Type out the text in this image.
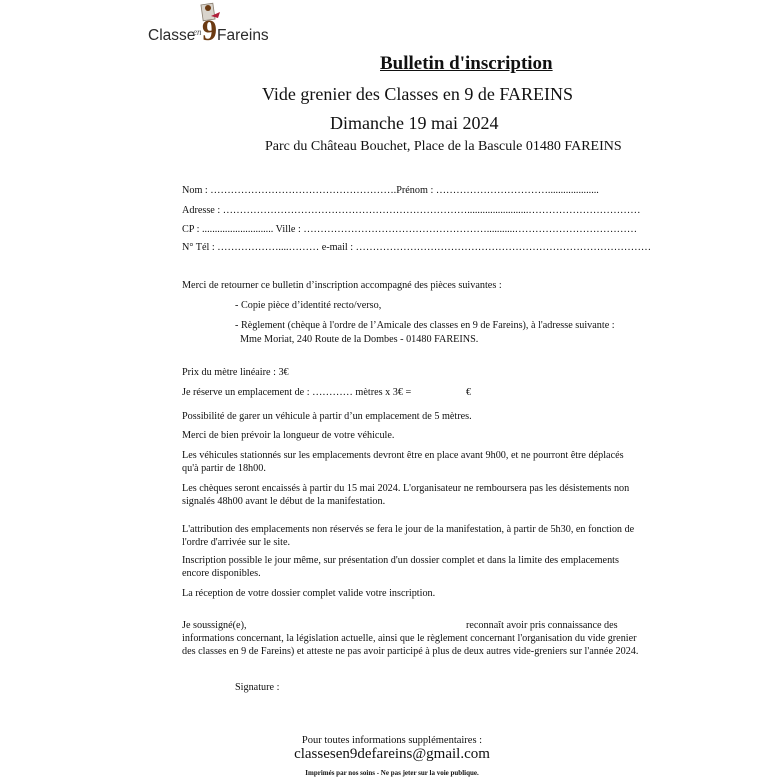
Classe
en 9 Fareins
Bulletin d'inscription
Vide grenier des Classes en 9 de FAREINS
Dimanche 19 mai 2024
Parc du Château Bouchet, Place de la Bascule 01480 FAREINS
Nom : ……………………………………………….Prénom : ……………………………....................
Adresse : ………………………………………………………………........................……………………………
CP : ............................ Ville : ………………………………………………...........………………………………
N° Tél : ………………....……… e-mail : ……………………………………………………………………………
Merci de retourner ce bulletin d’inscription accompagné des pièces suivantes :
- Copie pièce d’identité recto/verso,
- Règlement (chèque à l'ordre de l’Amicale des classes en 9 de Fareins), à l'adresse suivante :
Mme Moriat, 240 Route de la Dombes - 01480 FAREINS.
Prix du mètre linéaire : 3€
Je réserve un emplacement de : ………… mètres x 3€ =	€
Possibilité de garer un véhicule à partir d’un emplacement de 5 mètres.
Merci de bien prévoir la longueur de votre véhicule.
Les véhicules stationnés sur les emplacements devront être en place avant 9h00, et ne pourront être déplacés qu'à partir de 18h00.
Les chèques seront encaissés à partir du 15 mai 2024. L'organisateur ne remboursera pas les désistements non signalés 48h00 avant le début de la manifestation.
L'attribution des emplacements non réservés se fera le jour de la manifestation, à partir de 5h30, en fonction de l'ordre d'arrivée sur le site.
Inscription possible le jour même, sur présentation d'un dossier complet et dans la limite des emplacements encore disponibles.
La réception de votre dossier complet valide votre inscription.
Je soussigné(e),	reconnaît avoir pris connaissance des
informations concernant, la législation actuelle, ainsi que le règlement concernant l'organisation du vide grenier des classes en 9 de Fareins) et atteste ne pas avoir participé à plus de deux autres vide-greniers sur l'année 2024.
Signature :
Pour toutes informations supplémentaires :
classesen9defareins@gmail.com
Imprimés par nos soins - Ne pas jeter sur la voie publique.
